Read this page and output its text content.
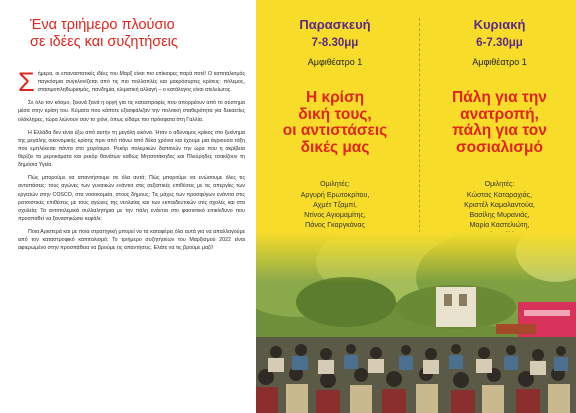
Ένα τριήμερο πλούσιο
σε ιδέες και συζητήσεις

Σήμερα, οι επαναστατικές ιδέες του Μαρξ είναι πιο επίκαιρες παρά ποτέ! Ο καπιταλισμός παγκόσμια συγκλονίζεται από τις πιο πολλαπλές και μακρόσυρτες κρίσεις: πόλεμος, στασιμοπληθωρισμός, πανδημία, κλιματική αλλαγή – ο κατάλογος είναι ατελείωτος.

Σε όλο τον κόσμο, ξεκινά ξανά η οργή για τις καταστροφές που απορρέουν από το σύστημα μέσα στην κρίση του. Κύματα που κάποτε εξασφάλιζαν την πολιτική σταθερότητα για δεκαετίες ολόκληρες, τώρα λιώνουν σαν το χιόνι, όπως είδαμε πιο πρόσφατα στη Γαλλία.

Η Ελλάδα δεν είναι έξω από αυτήν τη μεγάλη εικόνα. Ήταν ο αδύναμος κρίκος στο ξεκίνημα της μεγάλης οικονομικής κρίσης πριν από πάνω από δέκα χρόνια και έχουμε μια άγριουσα τάξη που εμπλέκεται πάντα στο χειρότερο. Ρεκόρ πολεμικών δαπανών την ώρα που η ακρίβεια θερίζει τα μεροκάματα και ρεκόρ θανάτων καθώς Μητσοτάκηδες και Πλεύρηδες τσακίζουν τη δημόσια Υγεία.

Πώς μπορούμε να απαντήσουμε σε όλα αυτά; Πώς μπορούμε να ενώσουμε όλες τις αντιστάσεις: τους αγώνες των γυναικών ενάντια στις σεξιστικές επιθέσεις με τις απεργίες των εργατών στην COSCO, στα νοσοκομεία, στους δήμους; Τις μάχες των προσφύγων ενάντια στις ρατσιστικές επιθέσεις με τους αγώνες της νεολαίας και των εκπαιδευτικών στις σχολές και στα σχολεία; Τα αντιπολεμικά συλλαλητήρια με την πάλη ενάντια στο φασιστικό επικίνδυνο που προσπαθεί να ξανασηκώσει κεφάλι;

Ποια Αριστερά και με ποια στρατηγική μπορεί να τα καταφέρει όλα αυτά για να απαλλαγούμε από τον καταστροφικό καπιταλισμό; Το τριήμερο συζητήσεων του Μαρξισμού 2022 είναι αφιερωμένο στην προσπάθεια να βρούμε τις απαντήσεις. Ελάτε να τις βρούμε μαζί!

Παρασκευή
7-8.30μμ
Αμφιθέατρο 1
Η κρίση
δική τους,
οι αντιστάσεις
δικές μας
Ομιλητές:
Αργυρή Ερωτοκρίτου,
Αχμέτ Τζαμπί,
Ντίνος Αγιομαμίτης,
Πάνος Γκαργκάνας
Κυριακή
6-7.30μμ
Αμφιθέατρο 1
Πάλη για την
ανατροπή,
πάλη για τον
σοσιαλισμό
Ομιλητές:
Κώστας Καταραχιάς,
Κριστέλ Καμαλαντούα,
Βασίλης Μυρανιάς,
Μαρία Καστελιώτη,
